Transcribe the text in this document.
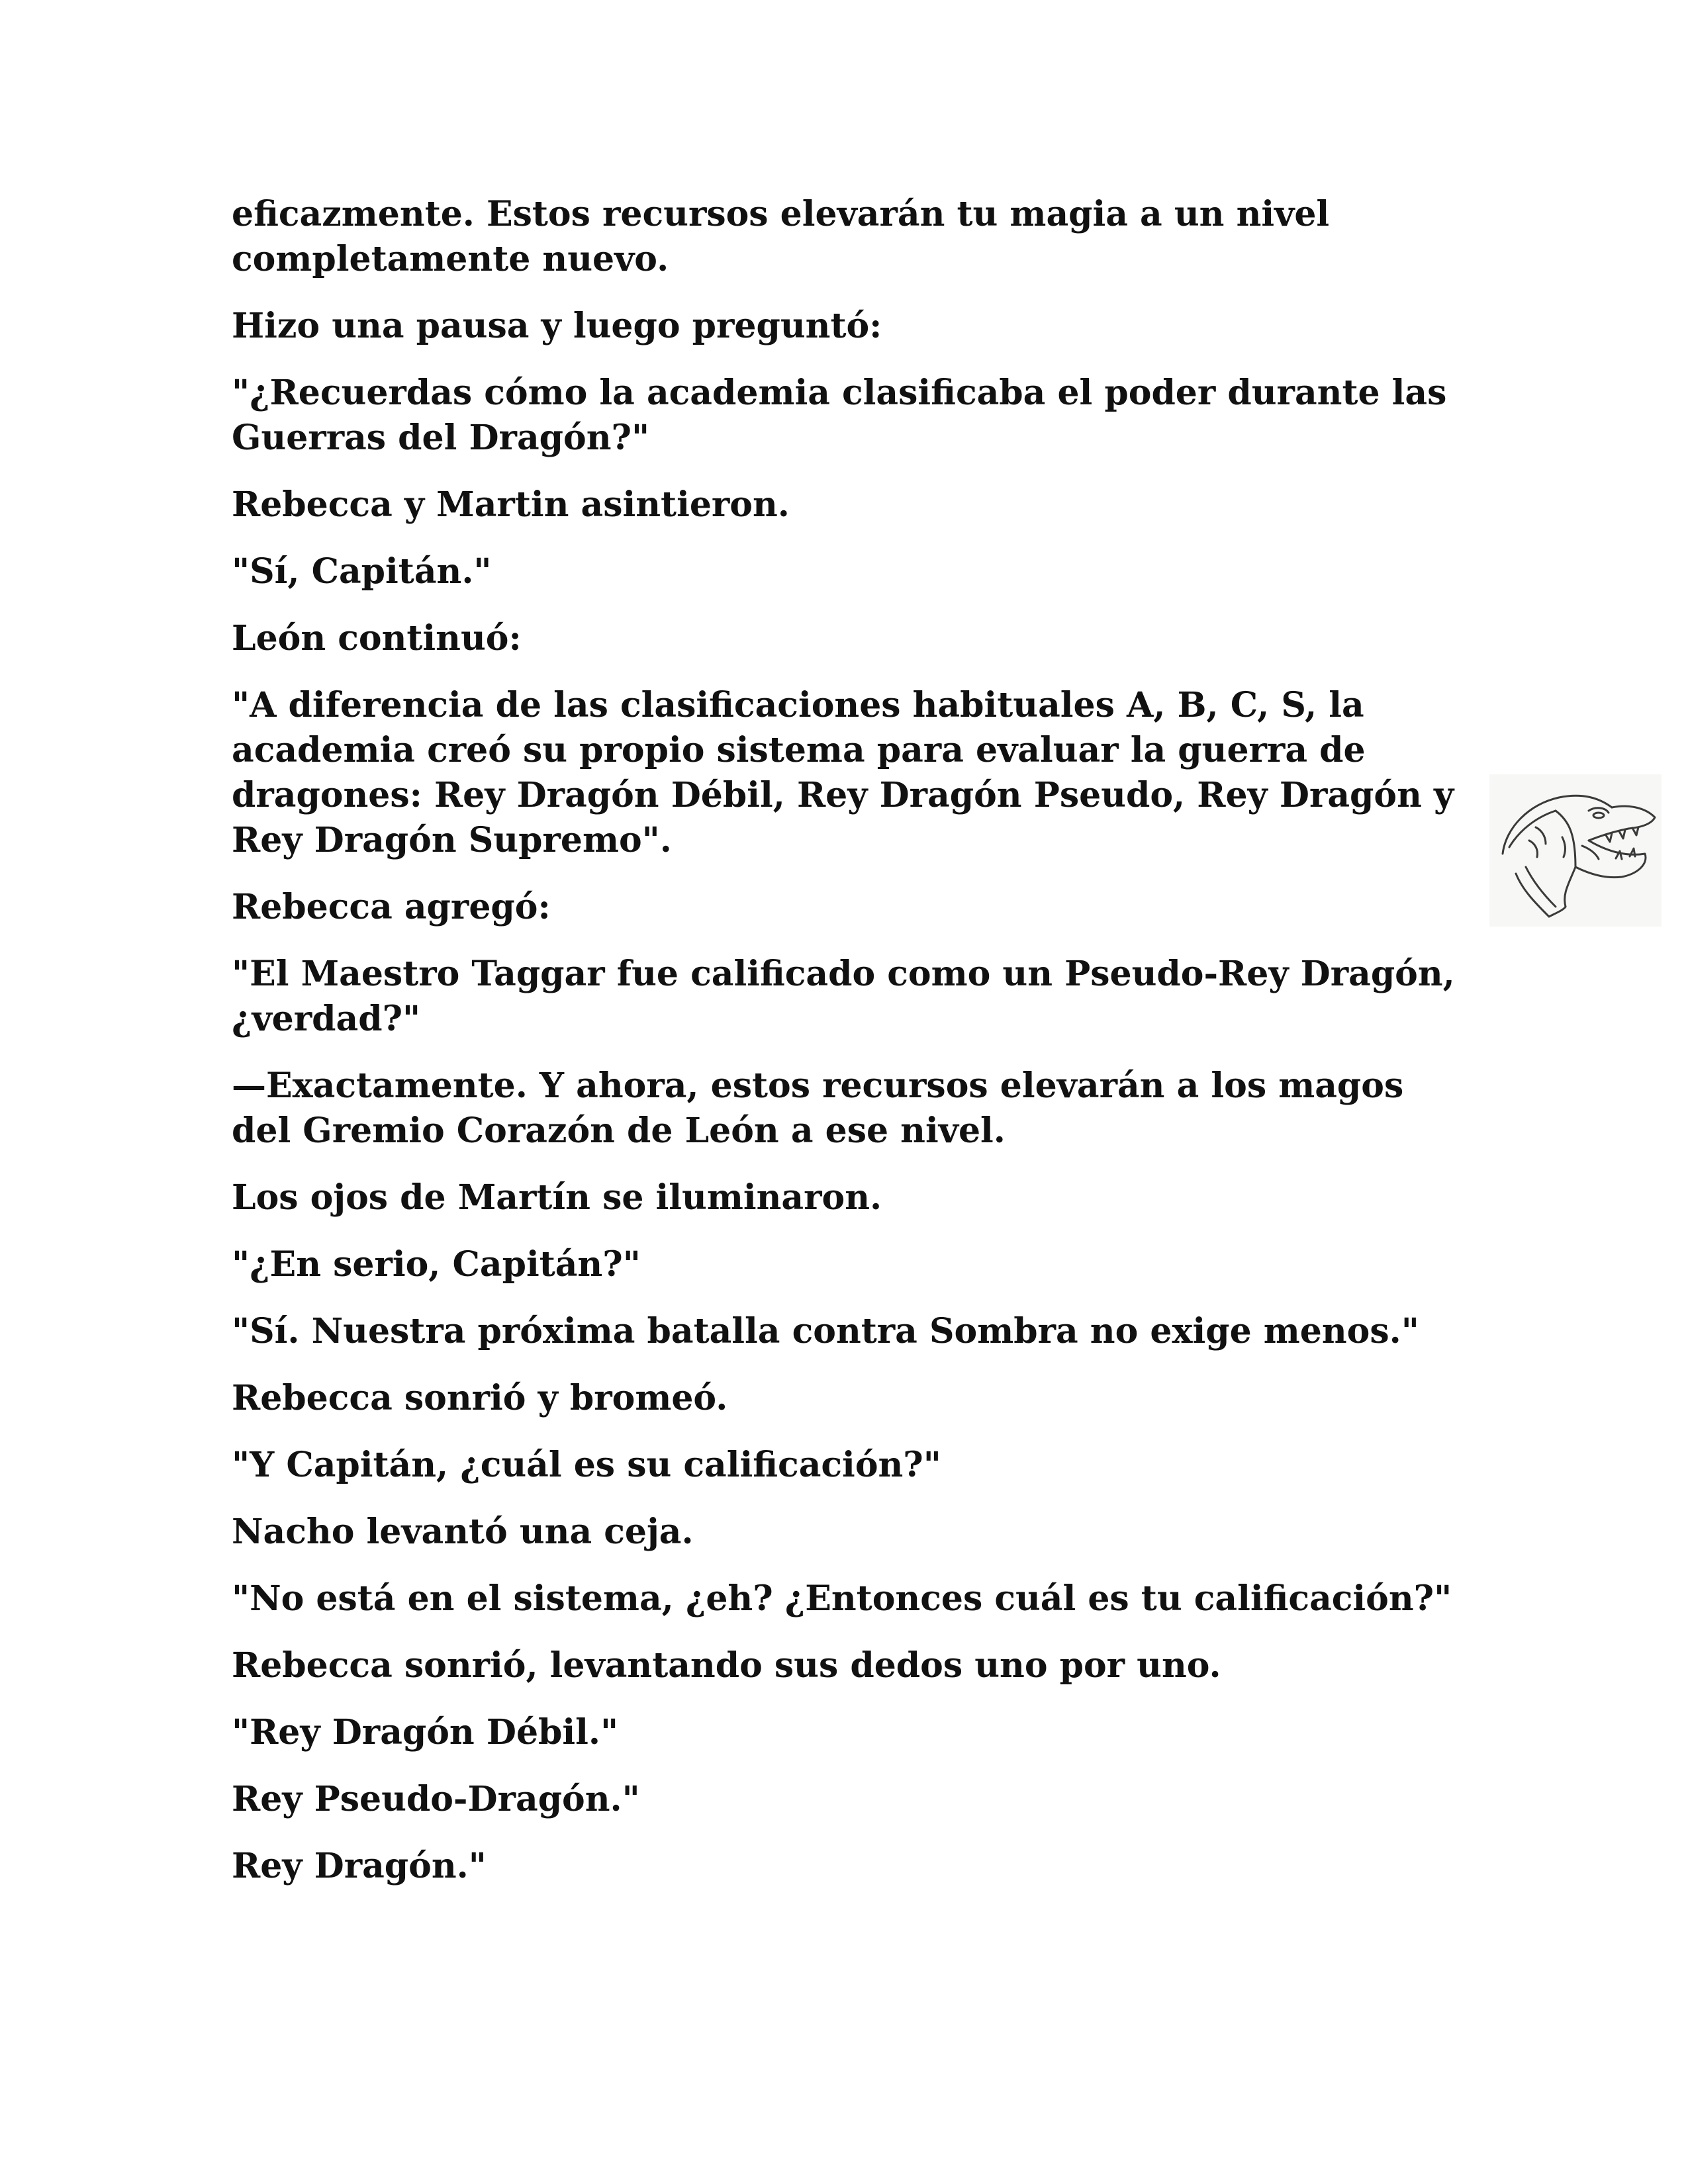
eficazmente. Estos recursos elevarán tu magia a un nivel completamente nuevo.

Hizo una pausa y luego preguntó:

"¿Recuerdas cómo la academia clasificaba el poder durante las Guerras del Dragón?"

Rebecca y Martin asintieron.

"Sí, Capitán."

León continuó:

"A diferencia de las clasificaciones habituales A, B, C, S, la academia creó su propio sistema para evaluar la guerra de dragones: Rey Dragón Débil, Rey Dragón Pseudo, Rey Dragón y Rey Dragón Supremo".

Rebecca agregó:

"El Maestro Taggar fue calificado como un Pseudo-Rey Dragón, ¿verdad?"

—Exactamente. Y ahora, estos recursos elevarán a los magos del Gremio Corazón de León a ese nivel.

Los ojos de Martín se iluminaron.

"¿En serio, Capitán?"

"Sí. Nuestra próxima batalla contra Sombra no exige menos."

Rebecca sonrió y bromeó.

"Y Capitán, ¿cuál es su calificación?"

Nacho levantó una ceja.

"No está en el sistema, ¿eh? ¿Entonces cuál es tu calificación?"

Rebecca sonrió, levantando sus dedos uno por uno.

"Rey Dragón Débil."

Rey Pseudo-Dragón."

Rey Dragón."
